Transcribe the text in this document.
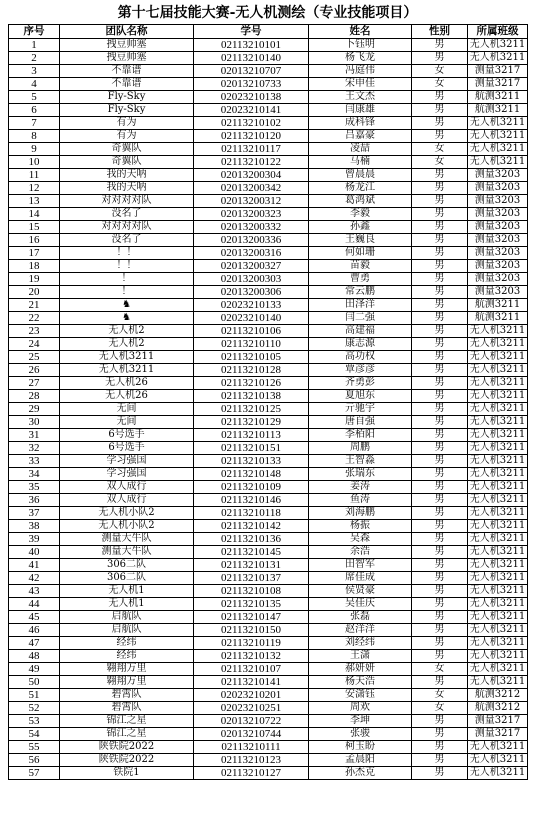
第十七届技能大赛-无人机测绘（专业技能项目）
序号	团队名称	学号	姓名	性别	所属班级
1	拽豆帅塞	02113210101	卜钰明	男	无人机3211
2	拽豆帅塞	02113210140	杨飞龙	男	无人机3211
3	不靠谱	02013210707	冯庭伟	女	测量3217
4	不靠谱	02013210733	宋申佳	女	测量3217
5	Fly-Sky	02023210138	王文杰	男	航测3211
6	Fly-Sky	02023210141	闫康雄	男	航测3211
7	有为	02113210102	成科锋	男	无人机3211
8	有为	02113210120	吕嘉豪	男	无人机3211
9	奇翼队	02113210117	凌喆	女	无人机3211
10	奇翼队	02113210122	马楠	女	无人机3211
11	我的天呐	02013200304	曾晨晨	男	测量3203
12	我的天呐	02013200342	杨龙江	男	测量3203
13	对对对对队	02013200312	葛鸿斌	男	测量3203
14	没名了	02013200323	李毅	男	测量3203
15	对对对对队	02013200332	孙鑫	男	测量3203
16	没名了	02013200336	王巍良	男	测量3203
17	！！	02013200316	何如珊	男	测量3203
18	！！	02013200327	苗毅	男	测量3203
19	！	02013200303	曹勇	男	测量3203
20	！	02013200306	常云鹏	男	测量3203
21	♞	02023210133	田泽洋	男	航测3211
22	♞	02023210140	闫二强	男	航测3211
23	无人机2	02113210106	高建福	男	无人机3211
24	无人机2	02113210110	康志源	男	无人机3211
25	无人机3211	02113210105	高功权	男	无人机3211
26	无人机3211	02113210128	覃彦彦	男	无人机3211
27	无人机26	02113210126	齐勇彭	男	无人机3211
28	无人机26	02113210138	夏旭东	男	无人机3211
29	无间	02113210125	亓驰宇	男	无人机3211
30	无间	02113210129	唐自强	男	无人机3211
31	6号选手	02113210113	李栢阳	男	无人机3211
32	6号选手	02113210151	周鹏	男	无人机3211
33	学习强国	02113210133	王智淼	男	无人机3211
34	学习强国	02113210148	张瑞东	男	无人机3211
35	双人成行	02113210109	姜涛	男	无人机3211
36	双人成行	02113210146	鱼涛	男	无人机3211
37	无人机小队2	02113210118	刘海鹏	男	无人机3211
38	无人机小队2	02113210142	杨振	男	无人机3211
39	测量大牛队	02113210136	吴森	男	无人机3211
40	测量大牛队	02113210145	余浩	男	无人机3211
41	306二队	02113210131	田智军	男	无人机3211
42	306二队	02113210137	席佳成	男	无人机3211
43	无人机1	02113210108	侯贤豪	男	无人机3211
44	无人机1	02113210135	吴佳庆	男	无人机3211
45	启航队	02113210147	张磊	男	无人机3211
46	启航队	02113210150	赵洋洋	男	无人机3211
47	经纬	02113210119	刘经纬	男	无人机3211
48	经纬	02113210132	王潇	男	无人机3211
49	翱翔万里	02113210107	郝妍妍	女	无人机3211
50	翱翔万里	02113210141	杨天浩	男	无人机3211
51	碧霄队	02023210201	安潇钰	女	航测3212
52	碧霄队	02023210251	周欢	女	航测3212
53	锦江之星	02013210722	李坤	男	测量3217
54	锦江之星	02013210744	张骏	男	测量3217
55	陕铁院2022	02113210111	柯玉盼	男	无人机3211
56	陕铁院2022	02113210123	孟晨阳	男	无人机3211
57	铁院1	02113210127	孙杰克	男	无人机3211
